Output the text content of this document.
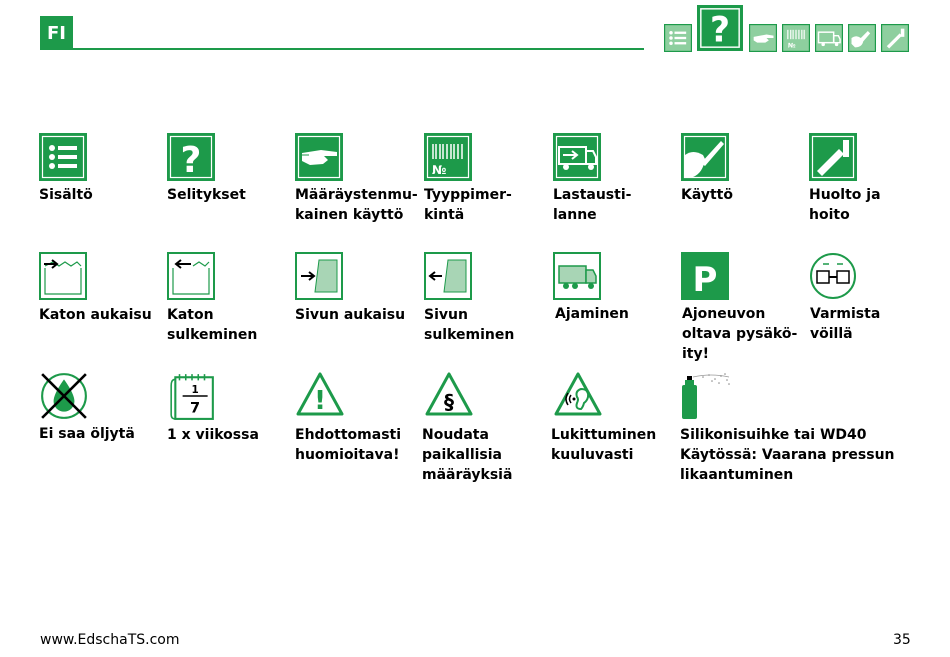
FI	?	№
Sisältö
?
Selitykset	Määräystenmu-
kainen käyttö
№
Tyyppimer-
kintä
Lastausti-
lanne
Käyttö	Huolto ja
hoito
Katon aukaisu Katon
sulkeminen
Sivun aukaisu Sivun
sulkeminen
Ajaminen
P
Ajoneuvon
oltava pysäkö-
ity!
Varmista
vöillä
Ei saa öljytä
1
7
1 x viikossa
!
Ehdottomasti
huomioitava!
§
Noudata
paikallisia
määräyksiä
Lukittuminen
kuuluvasti
Silikonisuihke tai WD40
Käytössä: Vaarana pressun
likaantuminen
www.EdschaTS.com	35
